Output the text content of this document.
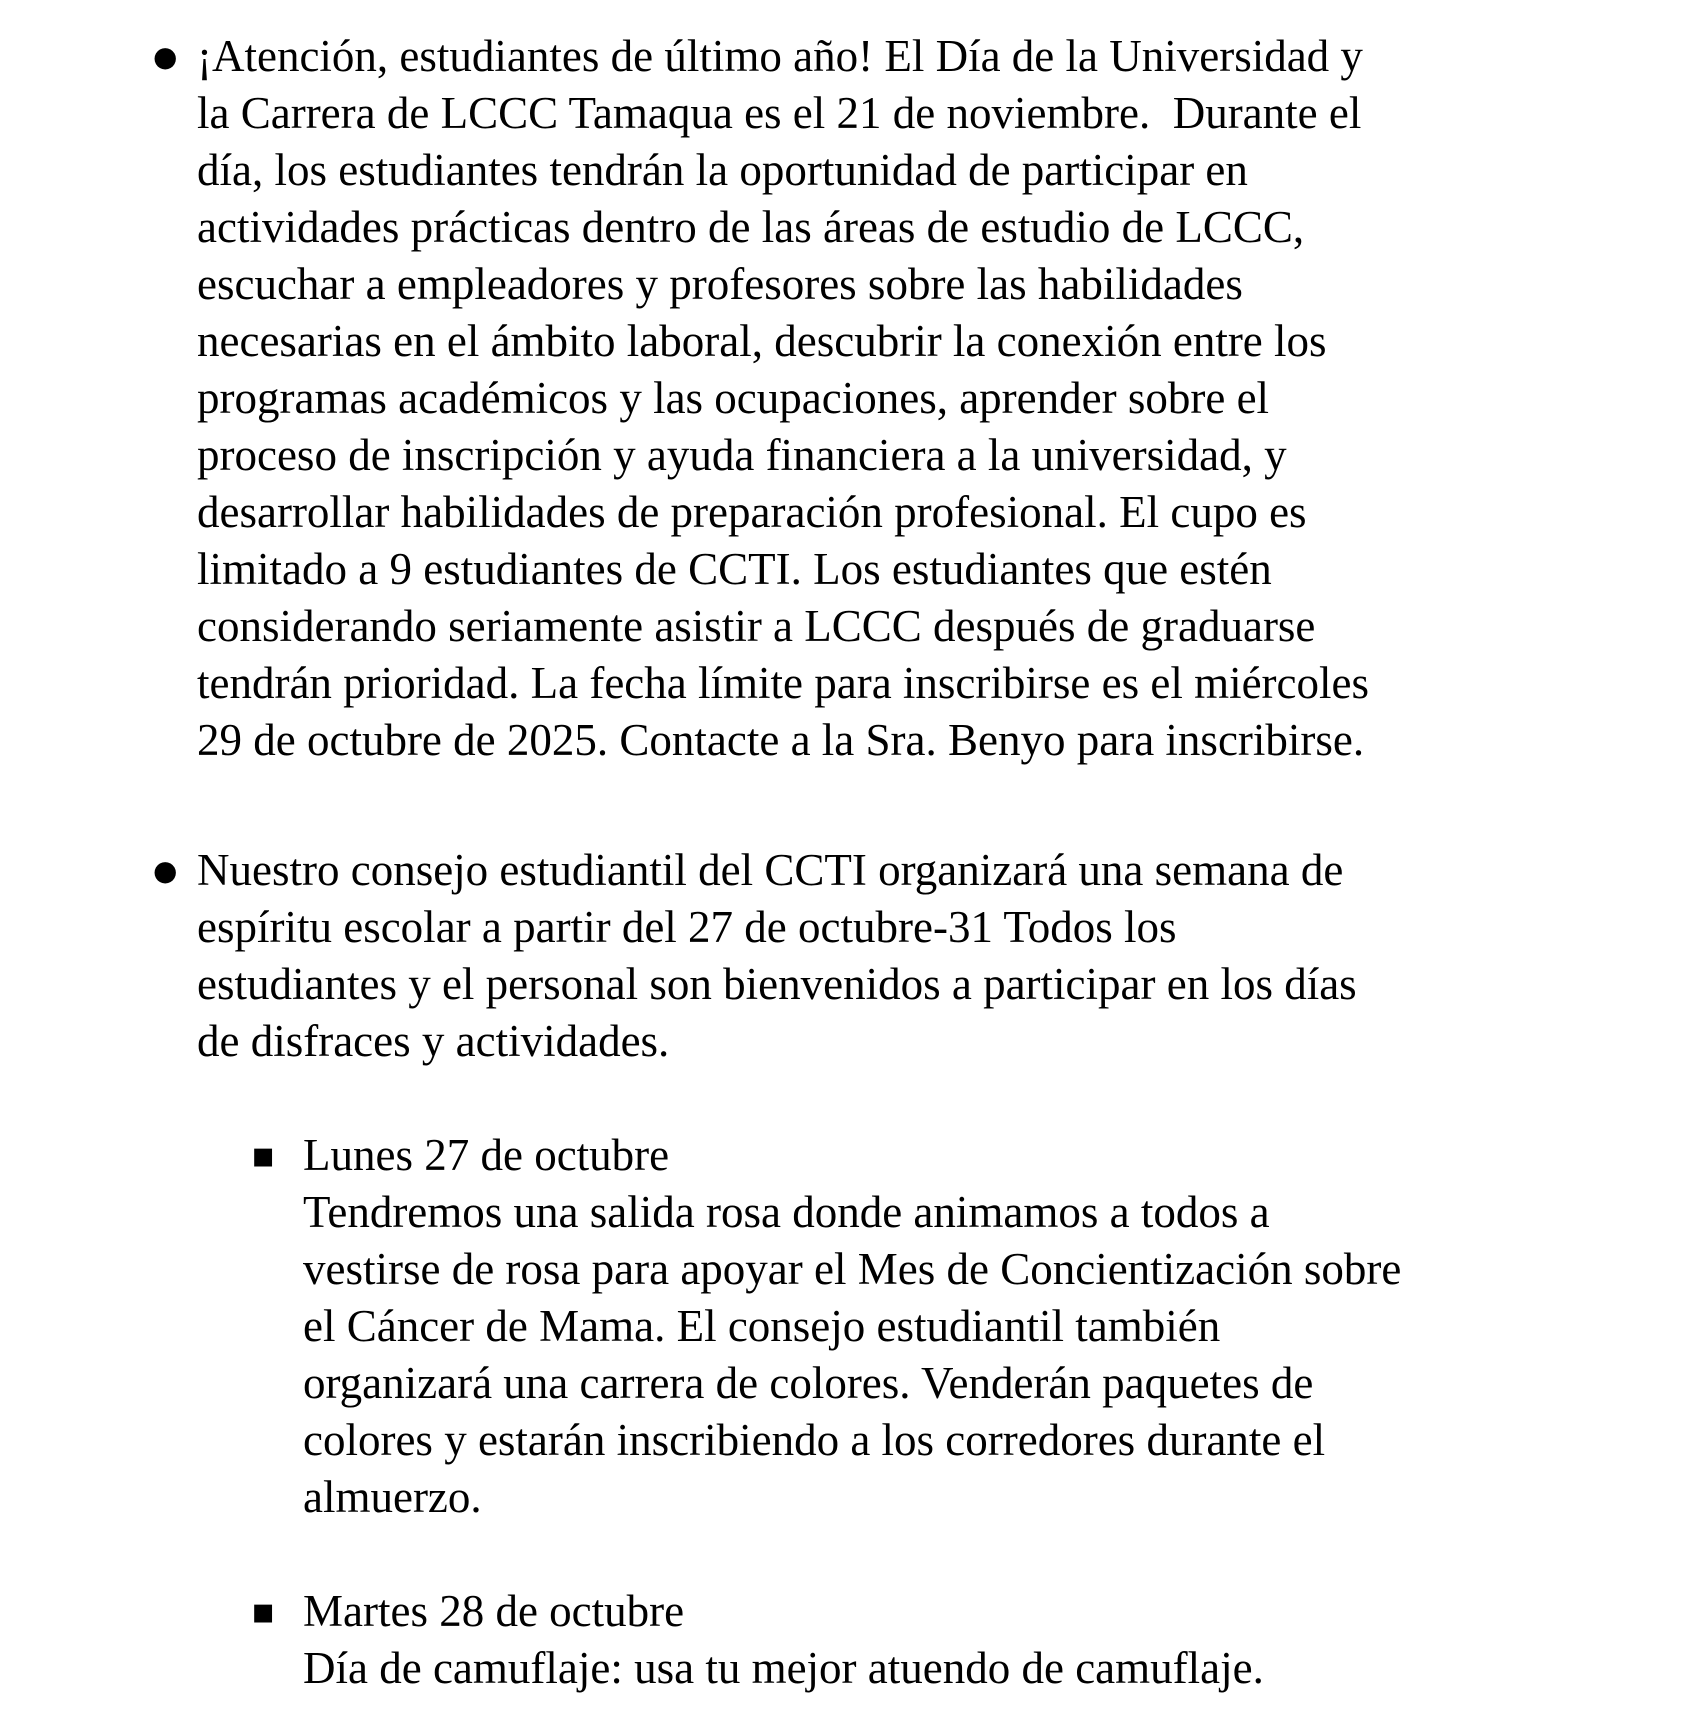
● ¡Atención, estudiantes de último año! El Día de la Universidad y
la Carrera de LCCC Tamaqua es el 21 de noviembre.  Durante el
día, los estudiantes tendrán la oportunidad de participar en
actividades prácticas dentro de las áreas de estudio de LCCC,
escuchar a empleadores y profesores sobre las habilidades
necesarias en el ámbito laboral, descubrir la conexión entre los
programas académicos y las ocupaciones, aprender sobre el
proceso de inscripción y ayuda financiera a la universidad, y
desarrollar habilidades de preparación profesional. El cupo es
limitado a 9 estudiantes de CCTI. Los estudiantes que estén
considerando seriamente asistir a LCCC después de graduarse
tendrán prioridad. La fecha límite para inscribirse es el miércoles
29 de octubre de 2025. Contacte a la Sra. Benyo para inscribirse.
● Nuestro consejo estudiantil del CCTI organizará una semana de
espíritu escolar a partir del 27 de octubre-31 Todos los
estudiantes y el personal son bienvenidos a participar en los días
de disfraces y actividades.
▪ Lunes 27 de octubre
Tendremos una salida rosa donde animamos a todos a
vestirse de rosa para apoyar el Mes de Concientización sobre
el Cáncer de Mama. El consejo estudiantil también
organizará una carrera de colores. Venderán paquetes de
colores y estarán inscribiendo a los corredores durante el
almuerzo.
▪ Martes 28 de octubre
Día de camuflaje: usa tu mejor atuendo de camuflaje.
